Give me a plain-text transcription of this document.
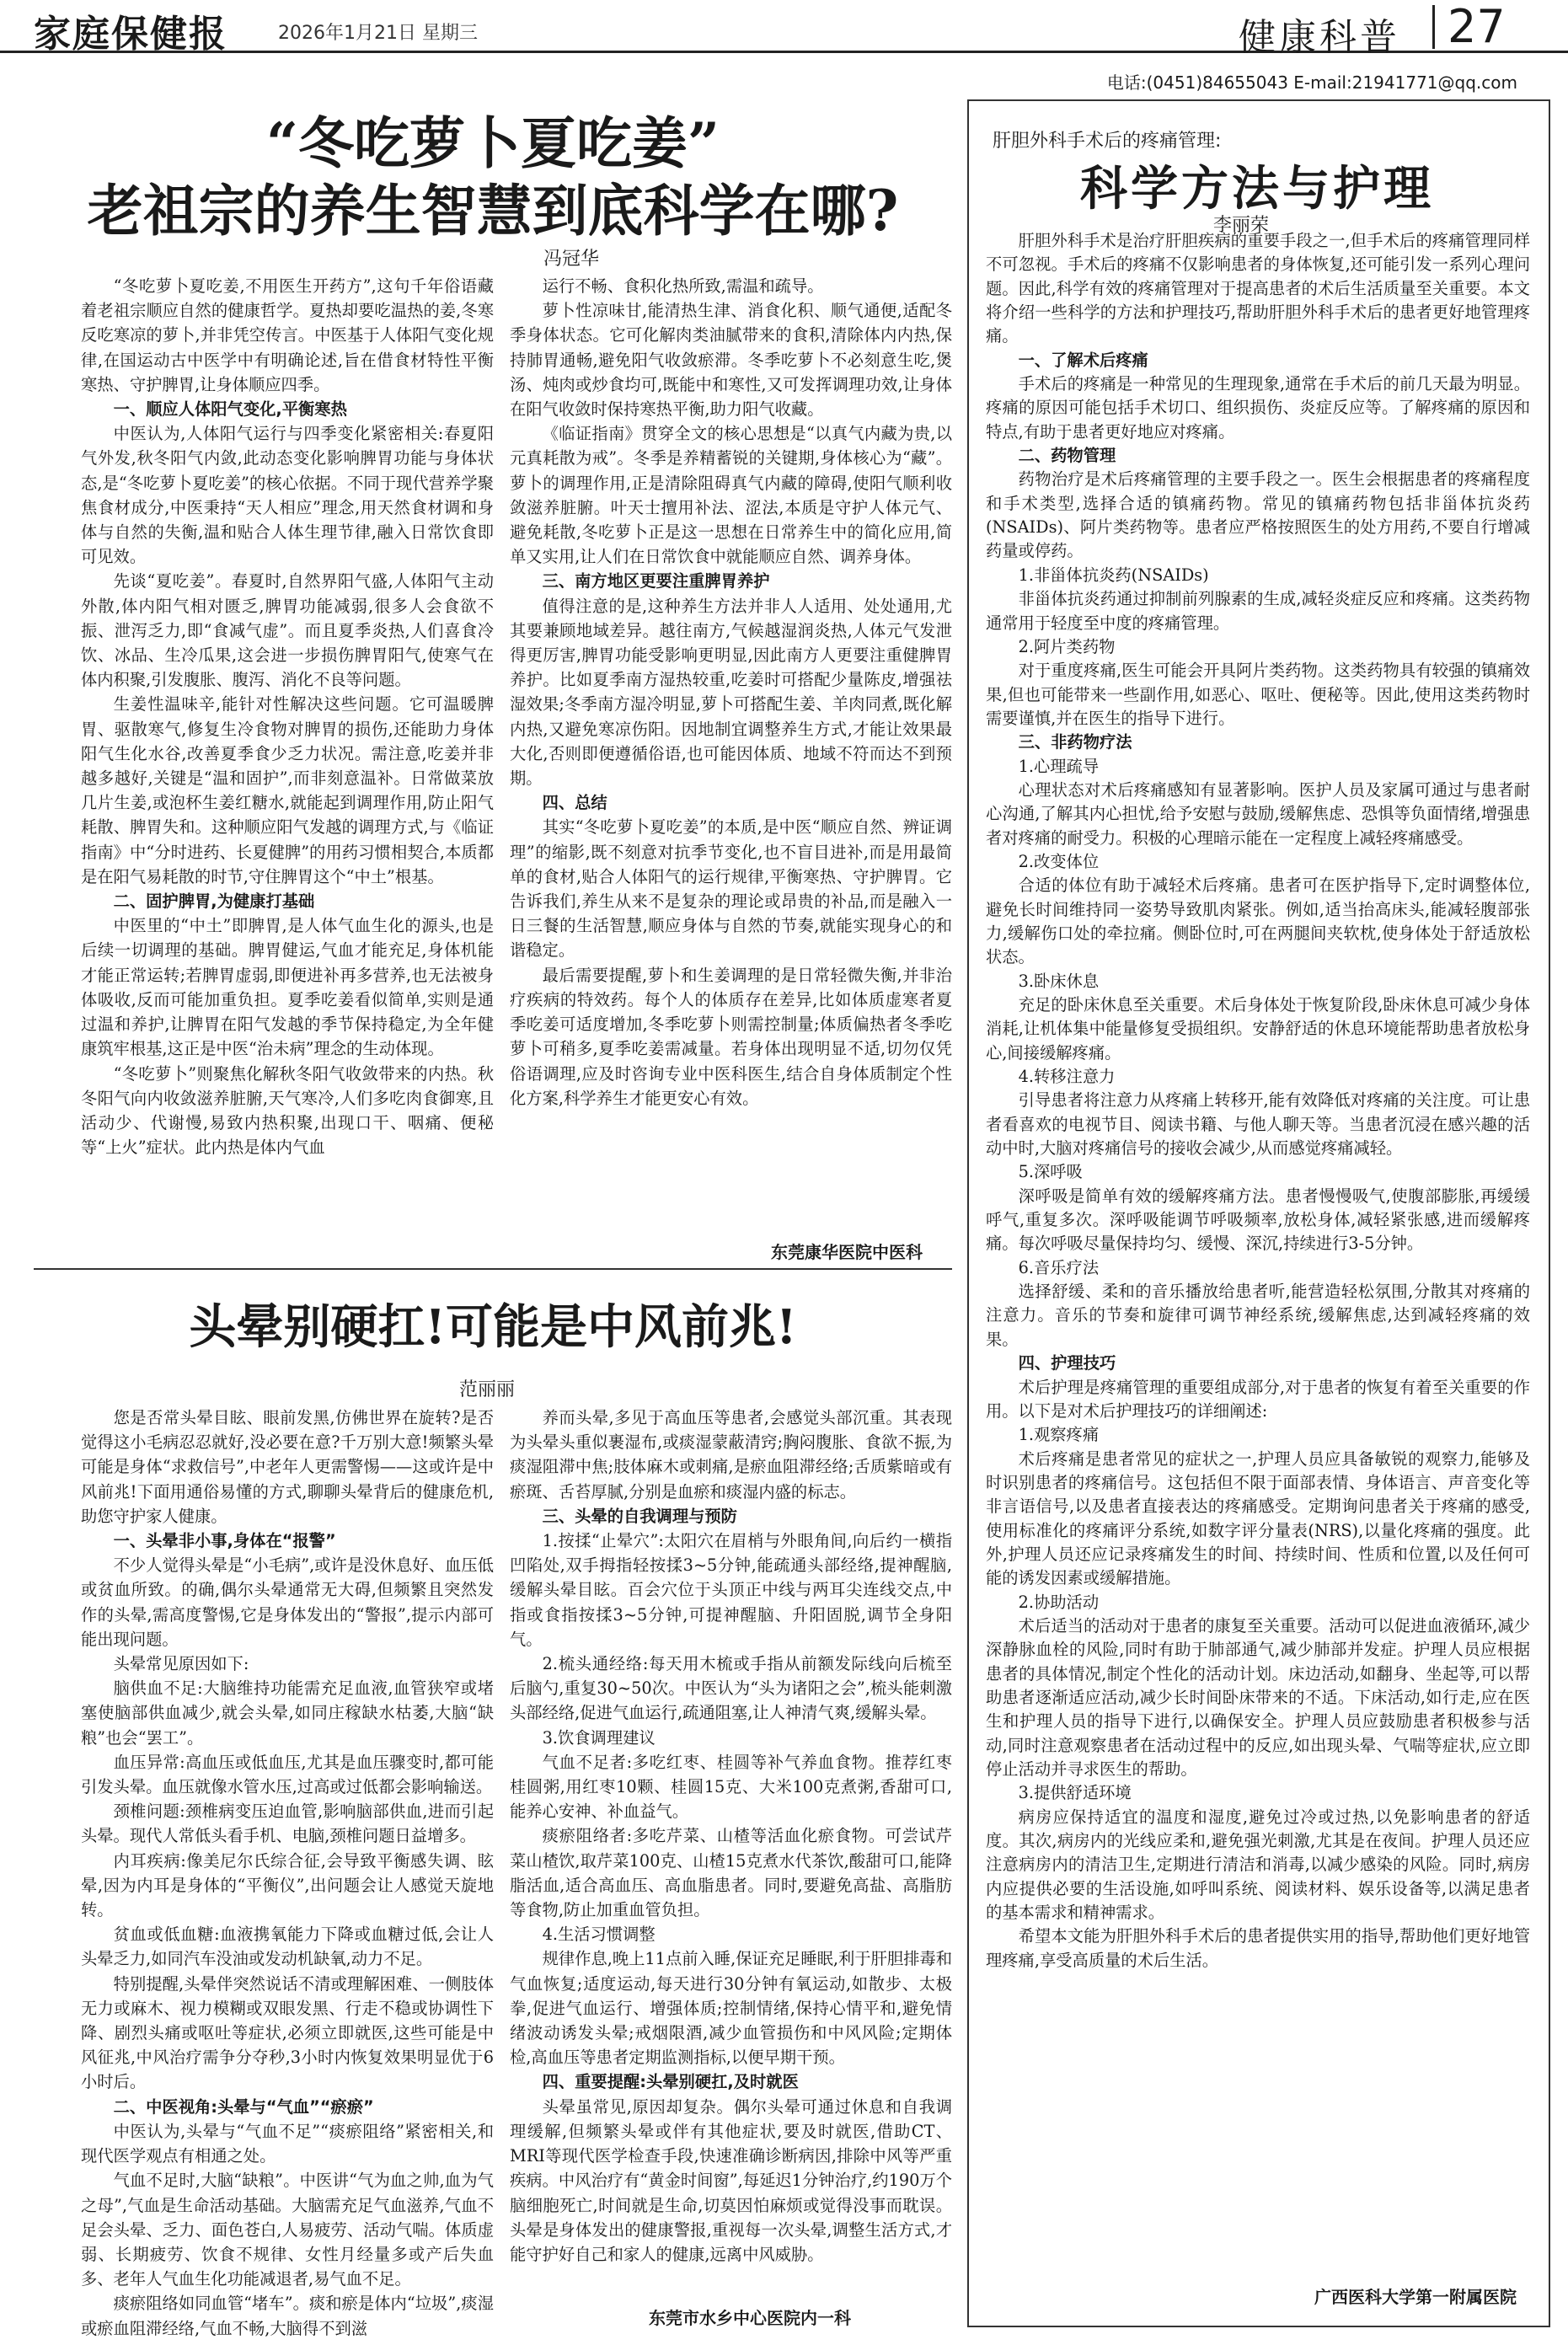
家庭保健报	2026年1月21日 星期三	健康科普 27
电话:(0451)84655043 E-mail:21941771@qq.com
“冬吃萝卜夏吃姜”
老祖宗的养生智慧到底科学在哪?
冯冠华

“冬吃萝卜夏吃姜,不用医生开药方”,这句千年俗语藏着老祖宗顺应自然的健康哲学。夏热却要吃温热的姜,冬寒反吃寒凉的萝卜,并非凭空传言。中医基于人体阳气变化规律,在国运动古中医学中有明确论述,旨在借食材特性平衡寒热、守护脾胃,让身体顺应四季。

一、顺应人体阳气变化,平衡寒热

中医认为,人体阳气运行与四季变化紧密相关:春夏阳气外发,秋冬阳气内敛,此动态变化影响脾胃功能与身体状态,是“冬吃萝卜夏吃姜”的核心依据。不同于现代营养学聚焦食材成分,中医秉持“天人相应”理念,用天然食材调和身体与自然的失衡,温和贴合人体生理节律,融入日常饮食即可见效。

先谈“夏吃姜”。春夏时,自然界阳气盛,人体阳气主动外散,体内阳气相对匮乏,脾胃功能减弱,很多人会食欲不振、泄泻乏力,即“食减气虚”。而且夏季炎热,人们喜食冷饮、冰品、生冷瓜果,这会进一步损伤脾胃阳气,使寒气在体内积聚,引发腹胀、腹泻、消化不良等问题。

生姜性温味辛,能针对性解决这些问题。它可温暖脾胃、驱散寒气,修复生冷食物对脾胃的损伤,还能助力身体阳气生化水谷,改善夏季食少乏力状况。需注意,吃姜并非越多越好,关键是“温和固护”,而非刻意温补。日常做菜放几片生姜,或泡杯生姜红糖水,就能起到调理作用,防止阳气耗散、脾胃失和。这种顺应阳气发越的调理方式,与《临证指南》中“分时进药、长夏健脾”的用药习惯相契合,本质都是在阳气易耗散的时节,守住脾胃这个“中土”根基。

二、固护脾胃,为健康打基础

中医里的“中土”即脾胃,是人体气血生化的源头,也是后续一切调理的基础。脾胃健运,气血才能充足,身体机能才能正常运转;若脾胃虚弱,即便进补再多营养,也无法被身体吸收,反而可能加重负担。夏季吃姜看似简单,实则是通过温和养护,让脾胃在阳气发越的季节保持稳定,为全年健康筑牢根基,这正是中医“治未病”理念的生动体现。

“冬吃萝卜”则聚焦化解秋冬阳气收敛带来的内热。秋冬阳气向内收敛滋养脏腑,天气寒冷,人们多吃肉食御寒,且活动少、代谢慢,易致内热积聚,出现口干、咽痛、便秘等“上火”症状。此内热是体内气血

运行不畅、食积化热所致,需温和疏导。

萝卜性凉味甘,能清热生津、消食化积、顺气通便,适配冬季身体状态。它可化解肉类油腻带来的食积,清除体内内热,保持肺胃通畅,避免阳气收敛瘀滞。冬季吃萝卜不必刻意生吃,煲汤、炖肉或炒食均可,既能中和寒性,又可发挥调理功效,让身体在阳气收敛时保持寒热平衡,助力阳气收藏。

《临证指南》贯穿全文的核心思想是“以真气内藏为贵,以元真耗散为戒”。冬季是养精蓄锐的关键期,身体核心为“藏”。萝卜的调理作用,正是清除阻碍真气内藏的障碍,使阳气顺利收敛滋养脏腑。叶天士擅用补法、涩法,本质是守护人体元气、避免耗散,冬吃萝卜正是这一思想在日常养生中的简化应用,简单又实用,让人们在日常饮食中就能顺应自然、调养身体。

三、南方地区更要注重脾胃养护

值得注意的是,这种养生方法并非人人适用、处处通用,尤其要兼顾地域差异。越往南方,气候越湿润炎热,人体元气发泄得更厉害,脾胃功能受影响更明显,因此南方人更要注重健脾胃养护。比如夏季南方湿热较重,吃姜时可搭配少量陈皮,增强祛湿效果;冬季南方湿冷明显,萝卜可搭配生姜、羊肉同煮,既化解内热,又避免寒凉伤阳。因地制宜调整养生方式,才能让效果最大化,否则即便遵循俗语,也可能因体质、地域不符而达不到预期。

四、总结

其实“冬吃萝卜夏吃姜”的本质,是中医“顺应自然、辨证调理”的缩影,既不刻意对抗季节变化,也不盲目进补,而是用最简单的食材,贴合人体阳气的运行规律,平衡寒热、守护脾胃。它告诉我们,养生从来不是复杂的理论或昂贵的补品,而是融入一日三餐的生活智慧,顺应身体与自然的节奏,就能实现身心的和谐稳定。

最后需要提醒,萝卜和生姜调理的是日常轻微失衡,并非治疗疾病的特效药。每个人的体质存在差异,比如体质虚寒者夏季吃姜可适度增加,冬季吃萝卜则需控制量;体质偏热者冬季吃萝卜可稍多,夏季吃姜需减量。若身体出现明显不适,切勿仅凭俗语调理,应及时咨询专业中医科医生,结合自身体质制定个性化方案,科学养生才能更安心有效。

东莞康华医院中医科
头晕别硬扛!可能是中风前兆!
范丽丽

您是否常头晕目眩、眼前发黑,仿佛世界在旋转?是否觉得这小毛病忍忍就好,没必要在意?千万别大意!频繁头晕可能是身体“求救信号”,中老年人更需警惕——这或许是中风前兆!下面用通俗易懂的方式,聊聊头晕背后的健康危机,助您守护家人健康。

一、头晕非小事,身体在“报警”

不少人觉得头晕是“小毛病”,或许是没休息好、血压低或贫血所致。的确,偶尔头晕通常无大碍,但频繁且突然发作的头晕,需高度警惕,它是身体发出的“警报”,提示内部可能出现问题。

头晕常见原因如下:

脑供血不足:大脑维持功能需充足血液,血管狭窄或堵塞使脑部供血减少,就会头晕,如同庄稼缺水枯萎,大脑“缺粮”也会“罢工”。

血压异常:高血压或低血压,尤其是血压骤变时,都可能引发头晕。血压就像水管水压,过高或过低都会影响输送。

颈椎问题:颈椎病变压迫血管,影响脑部供血,进而引起头晕。现代人常低头看手机、电脑,颈椎问题日益增多。

内耳疾病:像美尼尔氏综合征,会导致平衡感失调、眩晕,因为内耳是身体的“平衡仪”,出问题会让人感觉天旋地转。

贫血或低血糖:血液携氧能力下降或血糖过低,会让人头晕乏力,如同汽车没油或发动机缺氧,动力不足。

特别提醒,头晕伴突然说话不清或理解困难、一侧肢体无力或麻木、视力模糊或双眼发黑、行走不稳或协调性下降、剧烈头痛或呕吐等症状,必须立即就医,这些可能是中风征兆,中风治疗需争分夺秒,3小时内恢复效果明显优于6小时后。

二、中医视角:头晕与“气血”“瘀瘀”

中医认为,头晕与“气血不足”“痰瘀阻络”紧密相关,和现代医学观点有相通之处。

气血不足时,大脑“缺粮”。中医讲“气为血之帅,血为气之母”,气血是生命活动基础。大脑需充足气血滋养,气血不足会头晕、乏力、面色苍白,人易疲劳、活动气喘。体质虚弱、长期疲劳、饮食不规律、女性月经量多或产后失血多、老年人气血生化功能减退者,易气血不足。

痰瘀阻络如同血管“堵车”。痰和瘀是体内“垃圾”,痰湿或瘀血阻滞经络,气血不畅,大脑得不到滋

养而头晕,多见于高血压等患者,会感觉头部沉重。其表现为头晕头重似裹湿布,或痰湿蒙蔽清窍;胸闷腹胀、食欲不振,为痰湿阻滞中焦;肢体麻木或刺痛,是瘀血阻滞经络;舌质紫暗或有瘀斑、舌苔厚腻,分别是血瘀和痰湿内盛的标志。

三、头晕的自我调理与预防

1.按揉“止晕穴”:太阳穴在眉梢与外眼角间,向后约一横指凹陷处,双手拇指轻按揉3~5分钟,能疏通头部经络,提神醒脑,缓解头晕目眩。百会穴位于头顶正中线与两耳尖连线交点,中指或食指按揉3~5分钟,可提神醒脑、升阳固脱,调节全身阳气。

2.梳头通经络:每天用木梳或手指从前额发际线向后梳至后脑勺,重复30~50次。中医认为“头为诸阳之会”,梳头能刺激头部经络,促进气血运行,疏通阻塞,让人神清气爽,缓解头晕。

3.饮食调理建议

气血不足者:多吃红枣、桂圆等补气养血食物。推荐红枣桂圆粥,用红枣10颗、桂圆15克、大米100克煮粥,香甜可口,能养心安神、补血益气。

痰瘀阻络者:多吃芹菜、山楂等活血化瘀食物。可尝试芹菜山楂饮,取芹菜100克、山楂15克煮水代茶饮,酸甜可口,能降脂活血,适合高血压、高血脂患者。同时,要避免高盐、高脂肪等食物,防止加重血管负担。

4.生活习惯调整

规律作息,晚上11点前入睡,保证充足睡眠,利于肝胆排毒和气血恢复;适度运动,每天进行30分钟有氧运动,如散步、太极拳,促进气血运行、增强体质;控制情绪,保持心情平和,避免情绪波动诱发头晕;戒烟限酒,减少血管损伤和中风风险;定期体检,高血压等患者定期监测指标,以便早期干预。

四、重要提醒:头晕别硬扛,及时就医

头晕虽常见,原因却复杂。偶尔头晕可通过休息和自我调理缓解,但频繁头晕或伴有其他症状,要及时就医,借助CT、MRI等现代医学检查手段,快速准确诊断病因,排除中风等严重疾病。中风治疗有“黄金时间窗”,每延迟1分钟治疗,约190万个脑细胞死亡,时间就是生命,切莫因怕麻烦或觉得没事而耽误。头晕是身体发出的健康警报,重视每一次头晕,调整生活方式,才能守护好自己和家人的健康,远离中风威胁。

东莞市水乡中心医院内一科
肝胆外科手术后的疼痛管理:
科学方法与护理
李丽荣

肝胆外科手术是治疗肝胆疾病的重要手段之一,但手术后的疼痛管理同样不可忽视。手术后的疼痛不仅影响患者的身体恢复,还可能引发一系列心理问题。因此,科学有效的疼痛管理对于提高患者的术后生活质量至关重要。本文将介绍一些科学的方法和护理技巧,帮助肝胆外科手术后的患者更好地管理疼痛。

一、了解术后疼痛

手术后的疼痛是一种常见的生理现象,通常在手术后的前几天最为明显。疼痛的原因可能包括手术切口、组织损伤、炎症反应等。了解疼痛的原因和特点,有助于患者更好地应对疼痛。

二、药物管理

药物治疗是术后疼痛管理的主要手段之一。医生会根据患者的疼痛程度和手术类型,选择合适的镇痛药物。常见的镇痛药物包括非甾体抗炎药(NSAIDs)、阿片类药物等。患者应严格按照医生的处方用药,不要自行增减药量或停药。

1.非甾体抗炎药(NSAIDs)

非甾体抗炎药通过抑制前列腺素的生成,减轻炎症反应和疼痛。这类药物通常用于轻度至中度的疼痛管理。

2.阿片类药物

对于重度疼痛,医生可能会开具阿片类药物。这类药物具有较强的镇痛效果,但也可能带来一些副作用,如恶心、呕吐、便秘等。因此,使用这类药物时需要谨慎,并在医生的指导下进行。

三、非药物疗法

1.心理疏导

心理状态对术后疼痛感知有显著影响。医护人员及家属可通过与患者耐心沟通,了解其内心担忧,给予安慰与鼓励,缓解焦虑、恐惧等负面情绪,增强患者对疼痛的耐受力。积极的心理暗示能在一定程度上减轻疼痛感受。

2.改变体位

合适的体位有助于减轻术后疼痛。患者可在医护指导下,定时调整体位,避免长时间维持同一姿势导致肌肉紧张。例如,适当抬高床头,能减轻腹部张力,缓解伤口处的牵拉痛。侧卧位时,可在两腿间夹软枕,使身体处于舒适放松状态。

3.卧床休息

充足的卧床休息至关重要。术后身体处于恢复阶段,卧床休息可减少身体消耗,让机体集中能量修复受损组织。安静舒适的休息环境能帮助患者放松身心,间接缓解疼痛。

4.转移注意力

引导患者将注意力从疼痛上转移开,能有效降低对疼痛的关注度。可让患者看喜欢的电视节目、阅读书籍、与他人聊天等。当患者沉浸在感兴趣的活动中时,大脑对疼痛信号的接收会减少,从而感觉疼痛减轻。

5.深呼吸

深呼吸是简单有效的缓解疼痛方法。患者慢慢吸气,使腹部膨胀,再缓缓呼气,重复多次。深呼吸能调节呼吸频率,放松身体,减轻紧张感,进而缓解疼痛。每次呼吸尽量保持均匀、缓慢、深沉,持续进行3-5分钟。

6.音乐疗法

选择舒缓、柔和的音乐播放给患者听,能营造轻松氛围,分散其对疼痛的注意力。音乐的节奏和旋律可调节神经系统,缓解焦虑,达到减轻疼痛的效果。

四、护理技巧

术后护理是疼痛管理的重要组成部分,对于患者的恢复有着至关重要的作用。以下是对术后护理技巧的详细阐述:

1.观察疼痛

术后疼痛是患者常见的症状之一,护理人员应具备敏锐的观察力,能够及时识别患者的疼痛信号。这包括但不限于面部表情、身体语言、声音变化等非言语信号,以及患者直接表达的疼痛感受。定期询问患者关于疼痛的感受,使用标准化的疼痛评分系统,如数字评分量表(NRS),以量化疼痛的强度。此外,护理人员还应记录疼痛发生的时间、持续时间、性质和位置,以及任何可能的诱发因素或缓解措施。

2.协助活动

术后适当的活动对于患者的康复至关重要。活动可以促进血液循环,减少深静脉血栓的风险,同时有助于肺部通气,减少肺部并发症。护理人员应根据患者的具体情况,制定个性化的活动计划。床边活动,如翻身、坐起等,可以帮助患者逐渐适应活动,减少长时间卧床带来的不适。下床活动,如行走,应在医生和护理人员的指导下进行,以确保安全。护理人员应鼓励患者积极参与活动,同时注意观察患者在活动过程中的反应,如出现头晕、气喘等症状,应立即停止活动并寻求医生的帮助。

3.提供舒适环境

病房应保持适宜的温度和湿度,避免过冷或过热,以免影响患者的舒适度。其次,病房内的光线应柔和,避免强光刺激,尤其是在夜间。护理人员还应注意病房内的清洁卫生,定期进行清洁和消毒,以减少感染的风险。同时,病房内应提供必要的生活设施,如呼叫系统、阅读材料、娱乐设备等,以满足患者的基本需求和精神需求。

希望本文能为肝胆外科手术后的患者提供实用的指导,帮助他们更好地管理疼痛,享受高质量的术后生活。

广西医科大学第一附属医院
